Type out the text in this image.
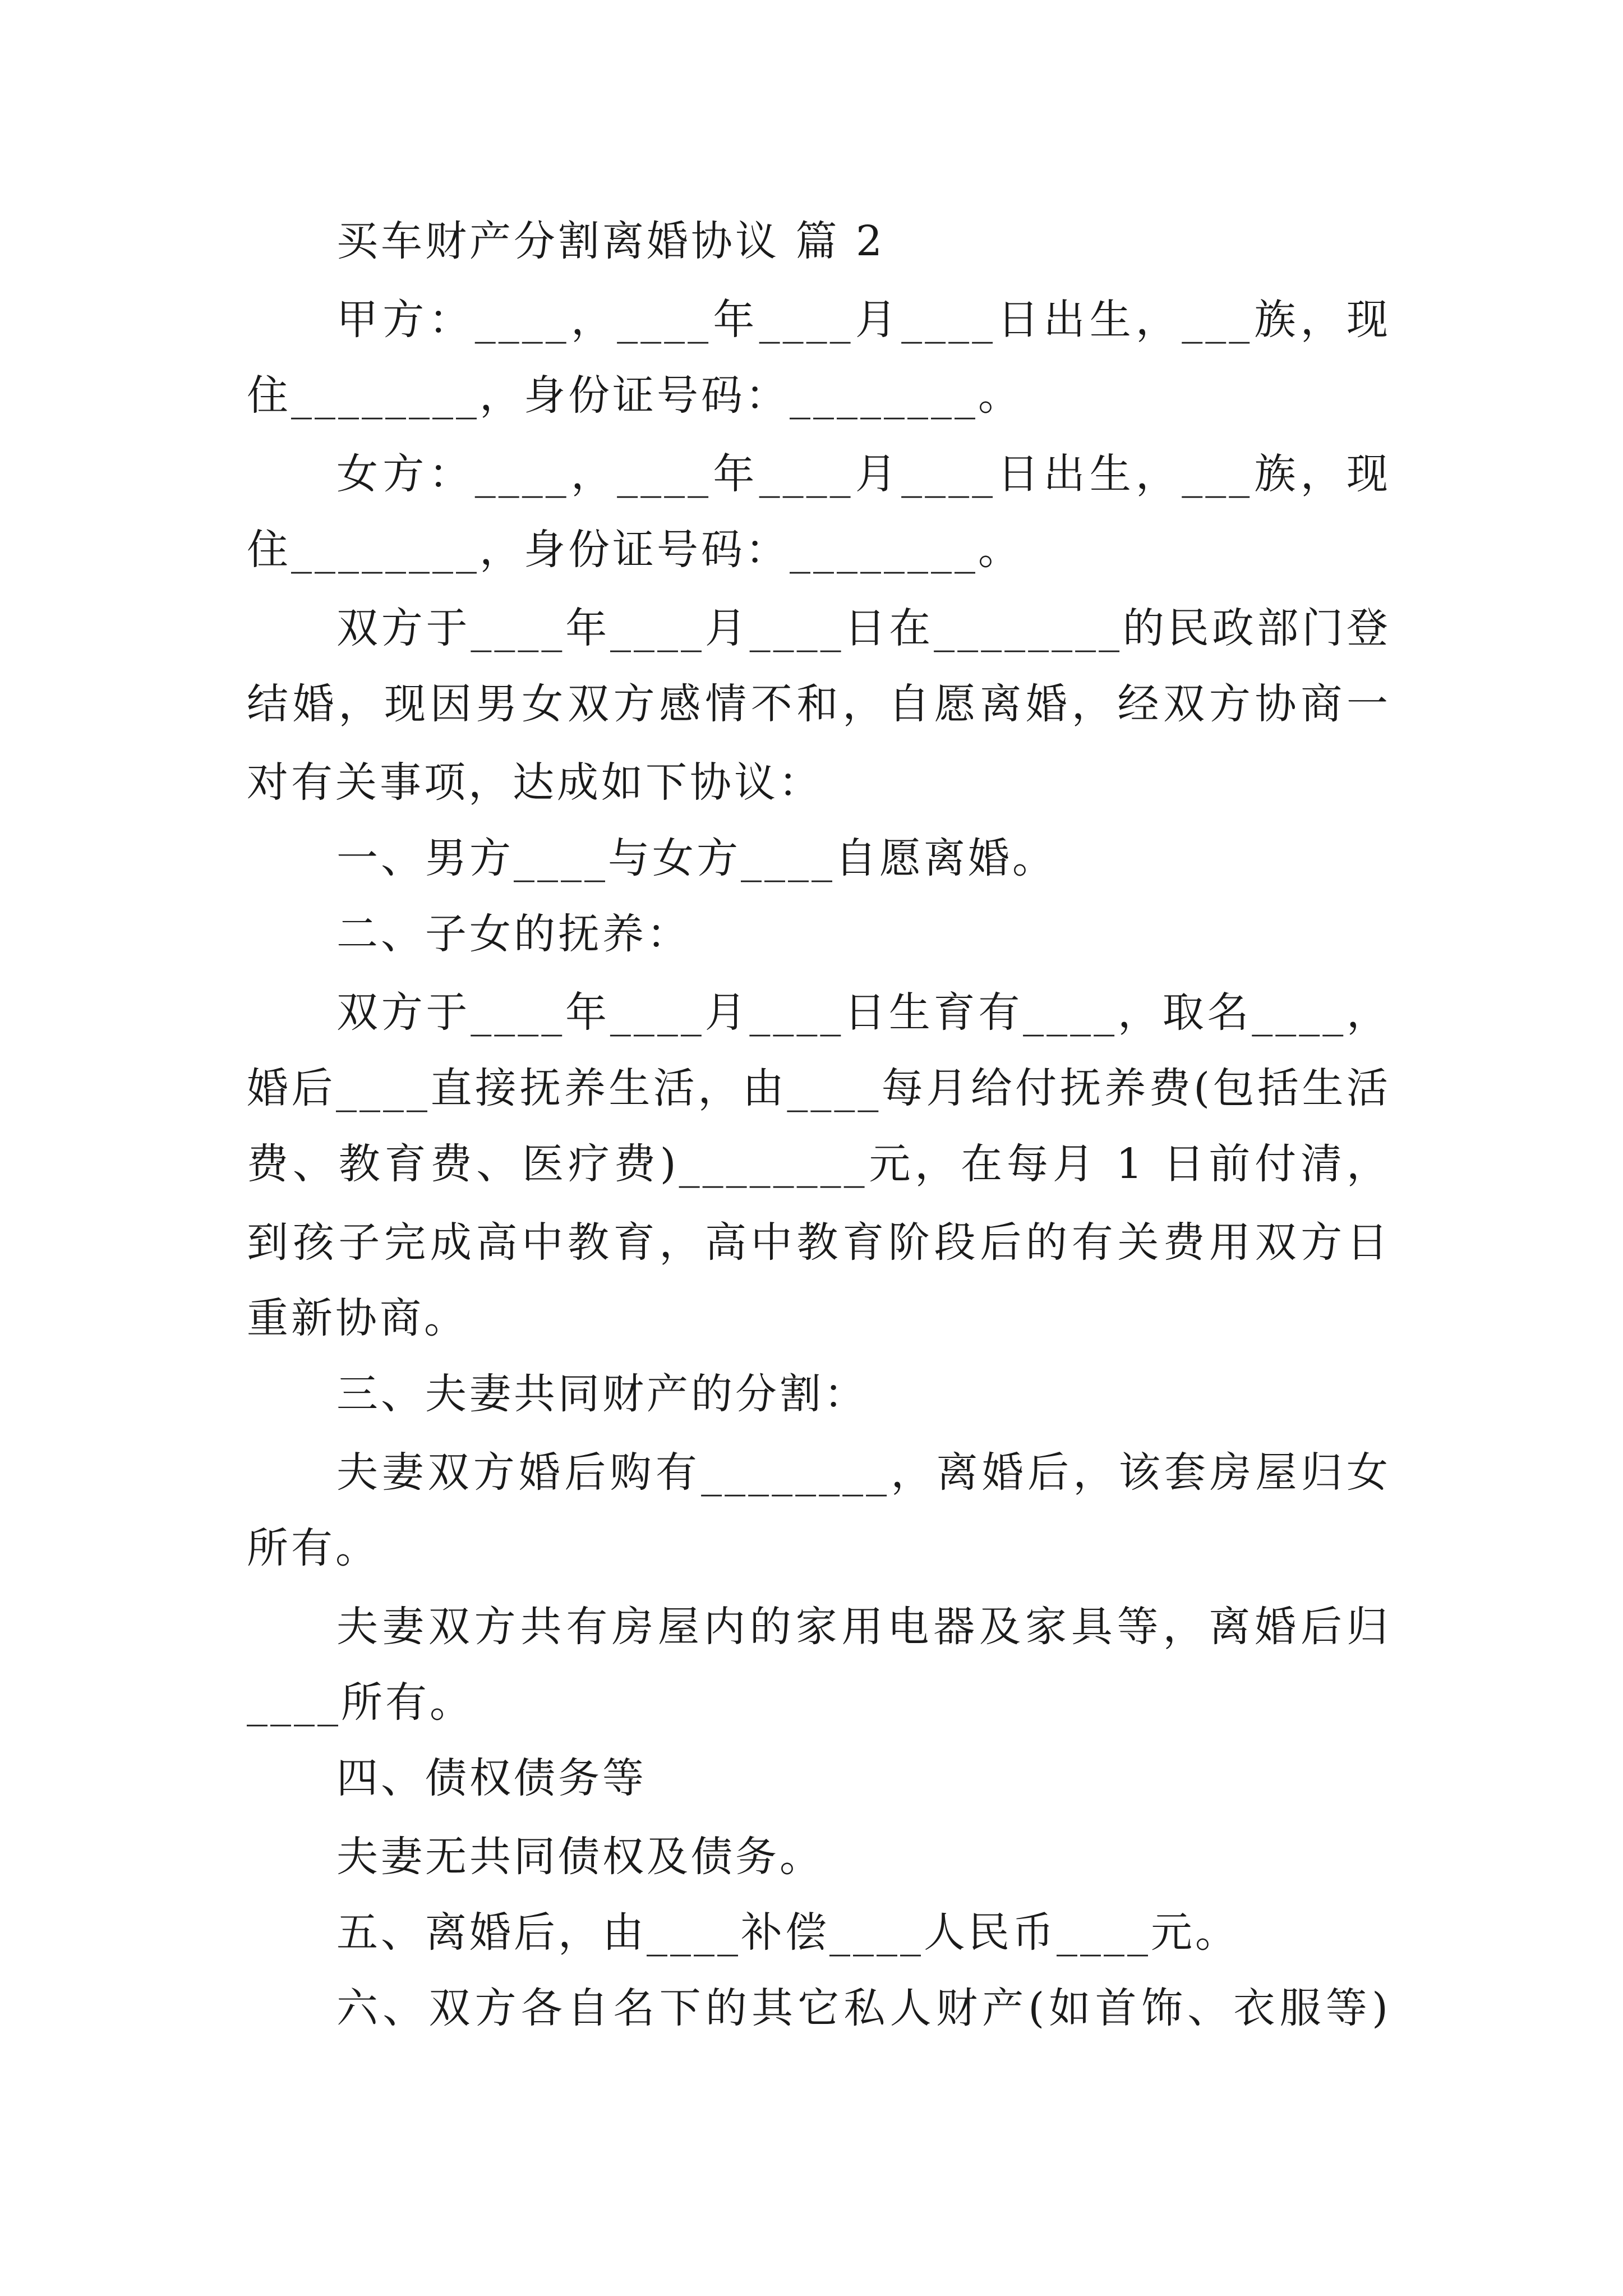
买车财产分割离婚协议 篇 2
甲方：____，____年____月____日出生，___族，现
住________，身份证号码：________。
女方：____，____年____月____日出生，___族，现
住________，身份证号码：________。
双方于____年____月____日在________的民政部门登
结婚，现因男女双方感情不和，自愿离婚，经双方协商一
对有关事项，达成如下协议：
一、男方____与女方____自愿离婚。
二、子女的抚养：
双方于____年____月____日生育有____，取名____，
婚后____直接抚养生活，由____每月给付抚养费(包括生活
费、教育费、医疗费)________元，在每月 1 日前付清，
到孩子完成高中教育，高中教育阶段后的有关费用双方日
重新协商。
三、夫妻共同财产的分割：
夫妻双方婚后购有________，离婚后，该套房屋归女
所有。
夫妻双方共有房屋内的家用电器及家具等，离婚后归
____所有。
四、债权债务等
夫妻无共同债权及债务。
五、离婚后，由____补偿____人民币____元。
六、双方各自名下的其它私人财产(如首饰、衣服等)
